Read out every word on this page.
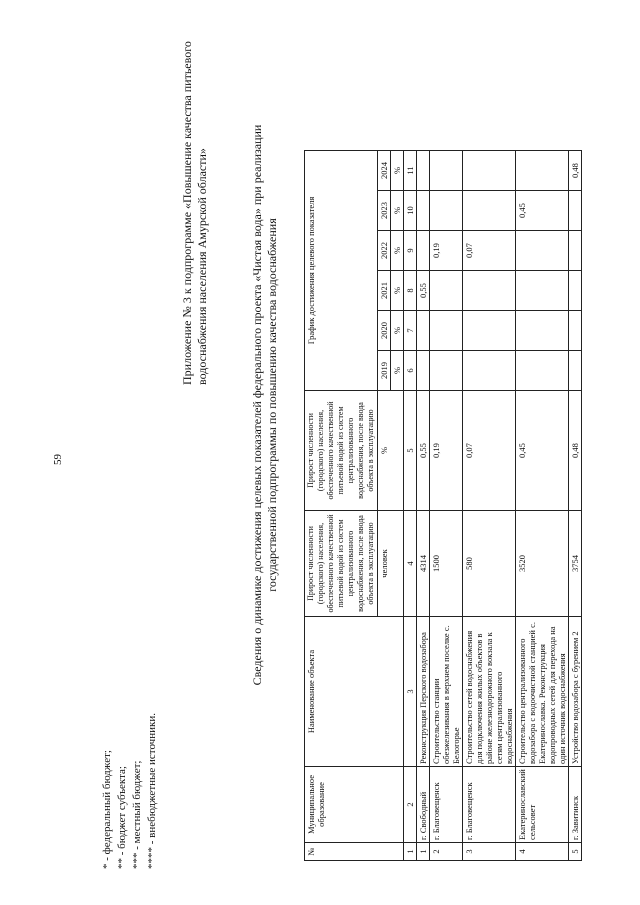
59
* - федеральный бюджет; ** - бюджет субъекта; *** - местный бюджет; **** - внебюджетные источники.
Приложение № 3 к подпрограмме «Повышение качества питьевого водоснабжения населения Амурской области»	Сведения о динамике достижения целевых показателей федерального проекта «Чистая вода» при реализации государственной подпрограммы по повышению качества водоснабжения
№	Муниципальное образование	Наименование объекта	Прирост численности (городского) населения, обеспеченного качественной питьевой водой из систем централизованного водоснабжения, после ввода объекта в эксплуатацию	Прирост численности (городского) населения, обеспеченного качественной питьевой водой из систем централизованного водоснабжения, после ввода объекта в эксплуатацию	График достижения целевого показателя					
			человек	%	2019	2020	2021	2022	2023	2024
					%	%	%	%	%	%
1	2	3	4	5	6	7	8	9	10	11
1	г. Свободный	Реконструкция Перского водозабора	4314	0,55			0,55			
2	г. Благовещенск	Строительство станции обезжелезивания в верхнем поселке с. Белогорье	1500	0,19				0,19		
3	г. Благовещенск	Строительство сетей водоснабжения для подключения жилых объектов в районе железнодорожного вокзала к сетям централизованного водоснабжения	580	0,07				0,07		
4	Екатеринославский сельсовет	Строительство централизованного водозабора с водоочистной станцией с. Екатеринославка. Реконструкция водопроводных сетей для перехода на один источник водоснабжения	3520	0,45					0,45	
5	г. Завитинск	Устройство водозабора с бурением 2	3754	0,48						0,48
